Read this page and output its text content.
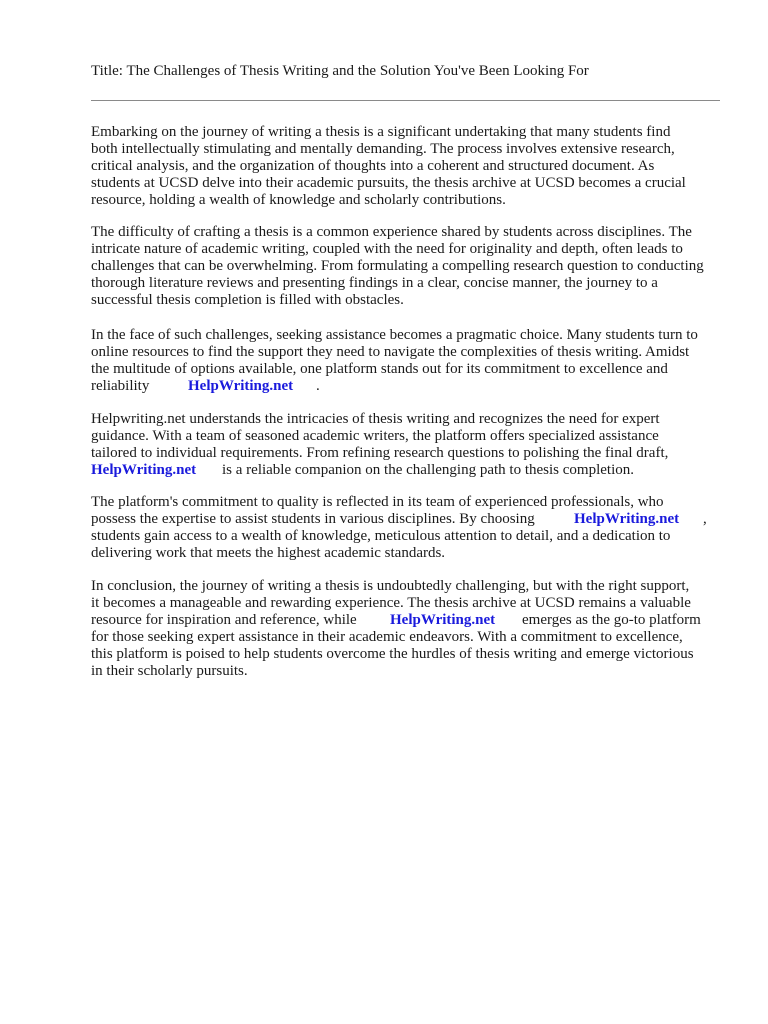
Title: The Challenges of Thesis Writing and the Solution You've Been Looking For
Embarking on the journey of writing a thesis is a significant undertaking that many students find
both intellectually stimulating and mentally demanding. The process involves extensive research,
critical analysis, and the organization of thoughts into a coherent and structured document. As
students at UCSD delve into their academic pursuits, the thesis archive at UCSD becomes a crucial
resource, holding a wealth of knowledge and scholarly contributions.
The difficulty of crafting a thesis is a common experience shared by students across disciplines. The
intricate nature of academic writing, coupled with the need for originality and depth, often leads to
challenges that can be overwhelming. From formulating a compelling research question to conducting
thorough literature reviews and presenting findings in a clear, concise manner, the journey to a
successful thesis completion is filled with obstacles.
In the face of such challenges, seeking assistance becomes a pragmatic choice. Many students turn to
online resources to find the support they need to navigate the complexities of thesis writing. Amidst
the multitude of options available, one platform stands out for its commitment to excellence and
reliability	HelpWriting.net .
Helpwriting.net understands the intricacies of thesis writing and recognizes the need for expert
guidance. With a team of seasoned academic writers, the platform offers specialized assistance
tailored to individual requirements. From refining research questions to polishing the final draft,
HelpWriting.net is a reliable companion on the challenging path to thesis completion.
The platform's commitment to quality is reflected in its team of experienced professionals, who
possess the expertise to assist students in various disciplines. By choosing	HelpWriting.net ,
students gain access to a wealth of knowledge, meticulous attention to detail, and a dedication to
delivering work that meets the highest academic standards.
In conclusion, the journey of writing a thesis is undoubtedly challenging, but with the right support,
it becomes a manageable and rewarding experience. The thesis archive at UCSD remains a valuable
resource for inspiration and reference, while HelpWriting.net emerges as the go-to platform
for those seeking expert assistance in their academic endeavors. With a commitment to excellence,
this platform is poised to help students overcome the hurdles of thesis writing and emerge victorious
in their scholarly pursuits.
